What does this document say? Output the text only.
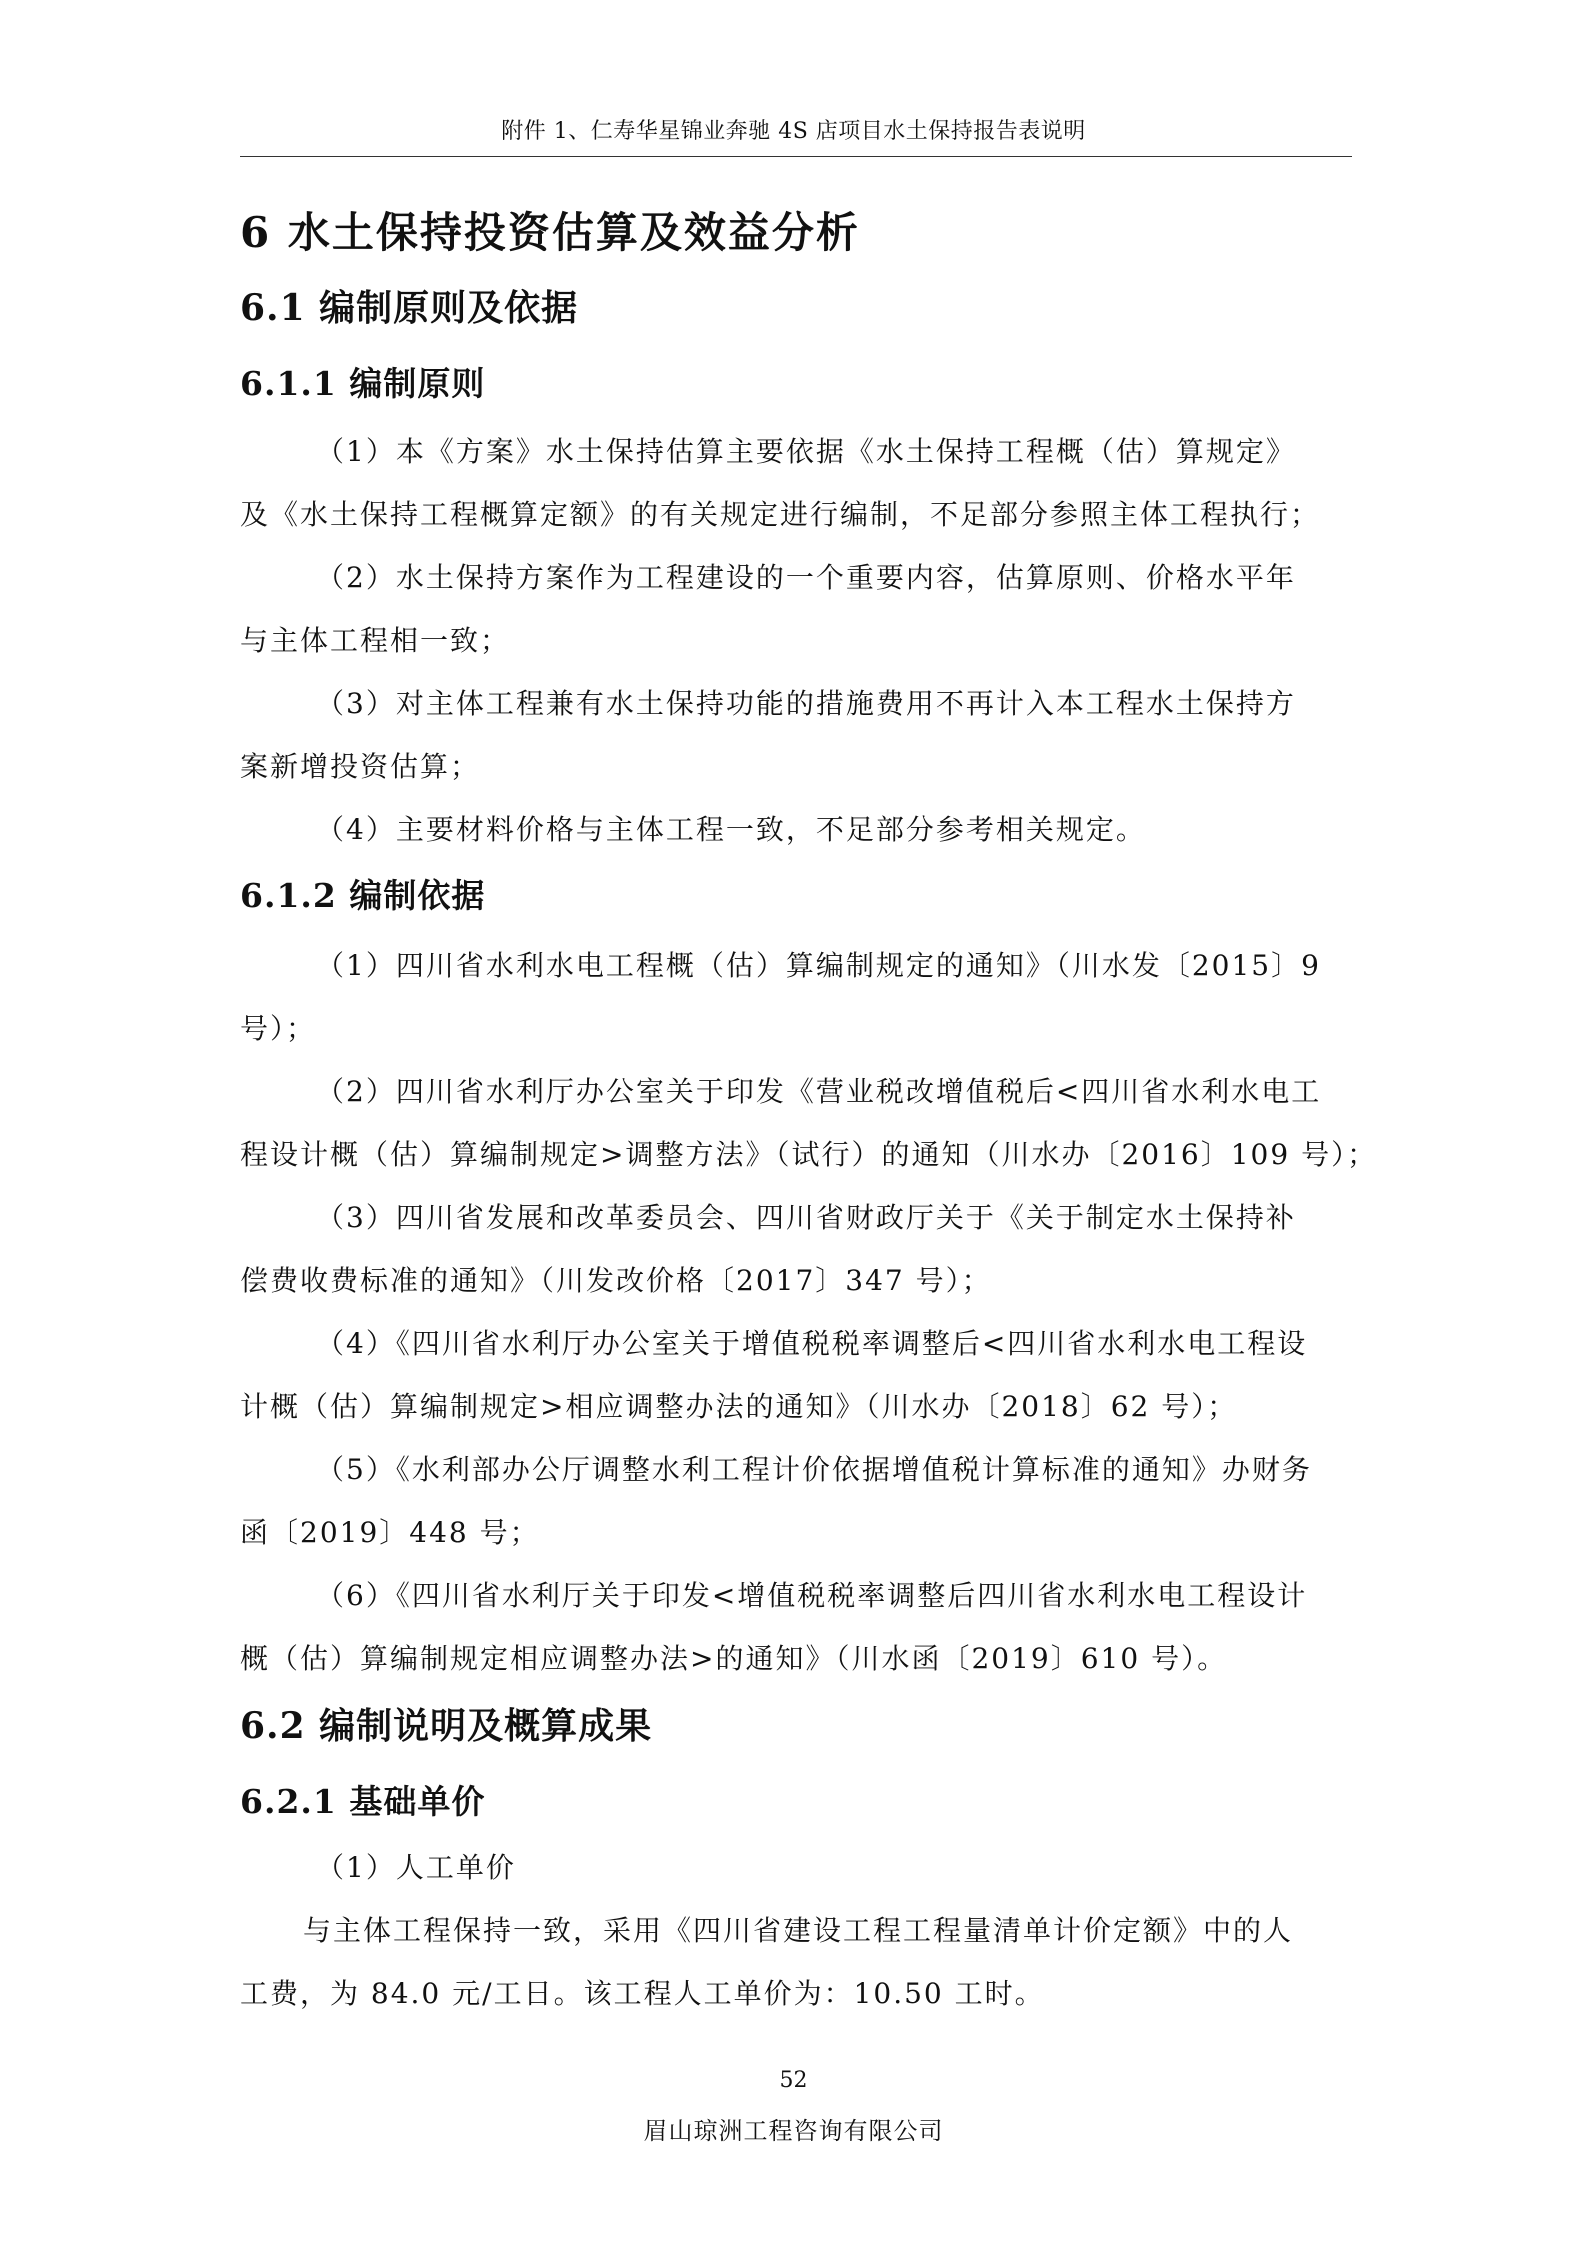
附件 1、仁寿华星锦业奔驰 4S 店项目水土保持报告表说明
6 水土保持投资估算及效益分析
6.1 编制原则及依据
6.1.1 编制原则
（1）本《方案》水土保持估算主要依据《水土保持工程概（估）算规定》
及《水土保持工程概算定额》的有关规定进行编制，不足部分参照主体工程执行；
（2）水土保持方案作为工程建设的一个重要内容，估算原则、价格水平年
与主体工程相一致；
（3）对主体工程兼有水土保持功能的措施费用不再计入本工程水土保持方
案新增投资估算；
（4）主要材料价格与主体工程一致，不足部分参考相关规定。
6.1.2 编制依据
（1）四川省水利水电工程概（估）算编制规定的通知》（川水发〔2015〕9
号）；
（2）四川省水利厅办公室关于印发《营业税改增值税后<四川省水利水电工
程设计概（估）算编制规定>调整方法》（试行）的通知（川水办〔2016〕109 号）；
（3）四川省发展和改革委员会、四川省财政厅关于《关于制定水土保持补
偿费收费标准的通知》（川发改价格〔2017〕347 号）；
（4）《四川省水利厅办公室关于增值税税率调整后<四川省水利水电工程设
计概（估）算编制规定>相应调整办法的通知》（川水办〔2018〕62 号）；
（5）《水利部办公厅调整水利工程计价依据增值税计算标准的通知》办财务
函〔2019〕448 号；
（6）《四川省水利厅关于印发<增值税税率调整后四川省水利水电工程设计
概（估）算编制规定相应调整办法>的通知》（川水函〔2019〕610 号）。
6.2 编制说明及概算成果
6.2.1 基础单价
（1）人工单价
与主体工程保持一致，采用《四川省建设工程工程量清单计价定额》中的人
工费，为 84.0 元/工日。该工程人工单价为：10.50 工时。
52
眉山琼洲工程咨询有限公司
